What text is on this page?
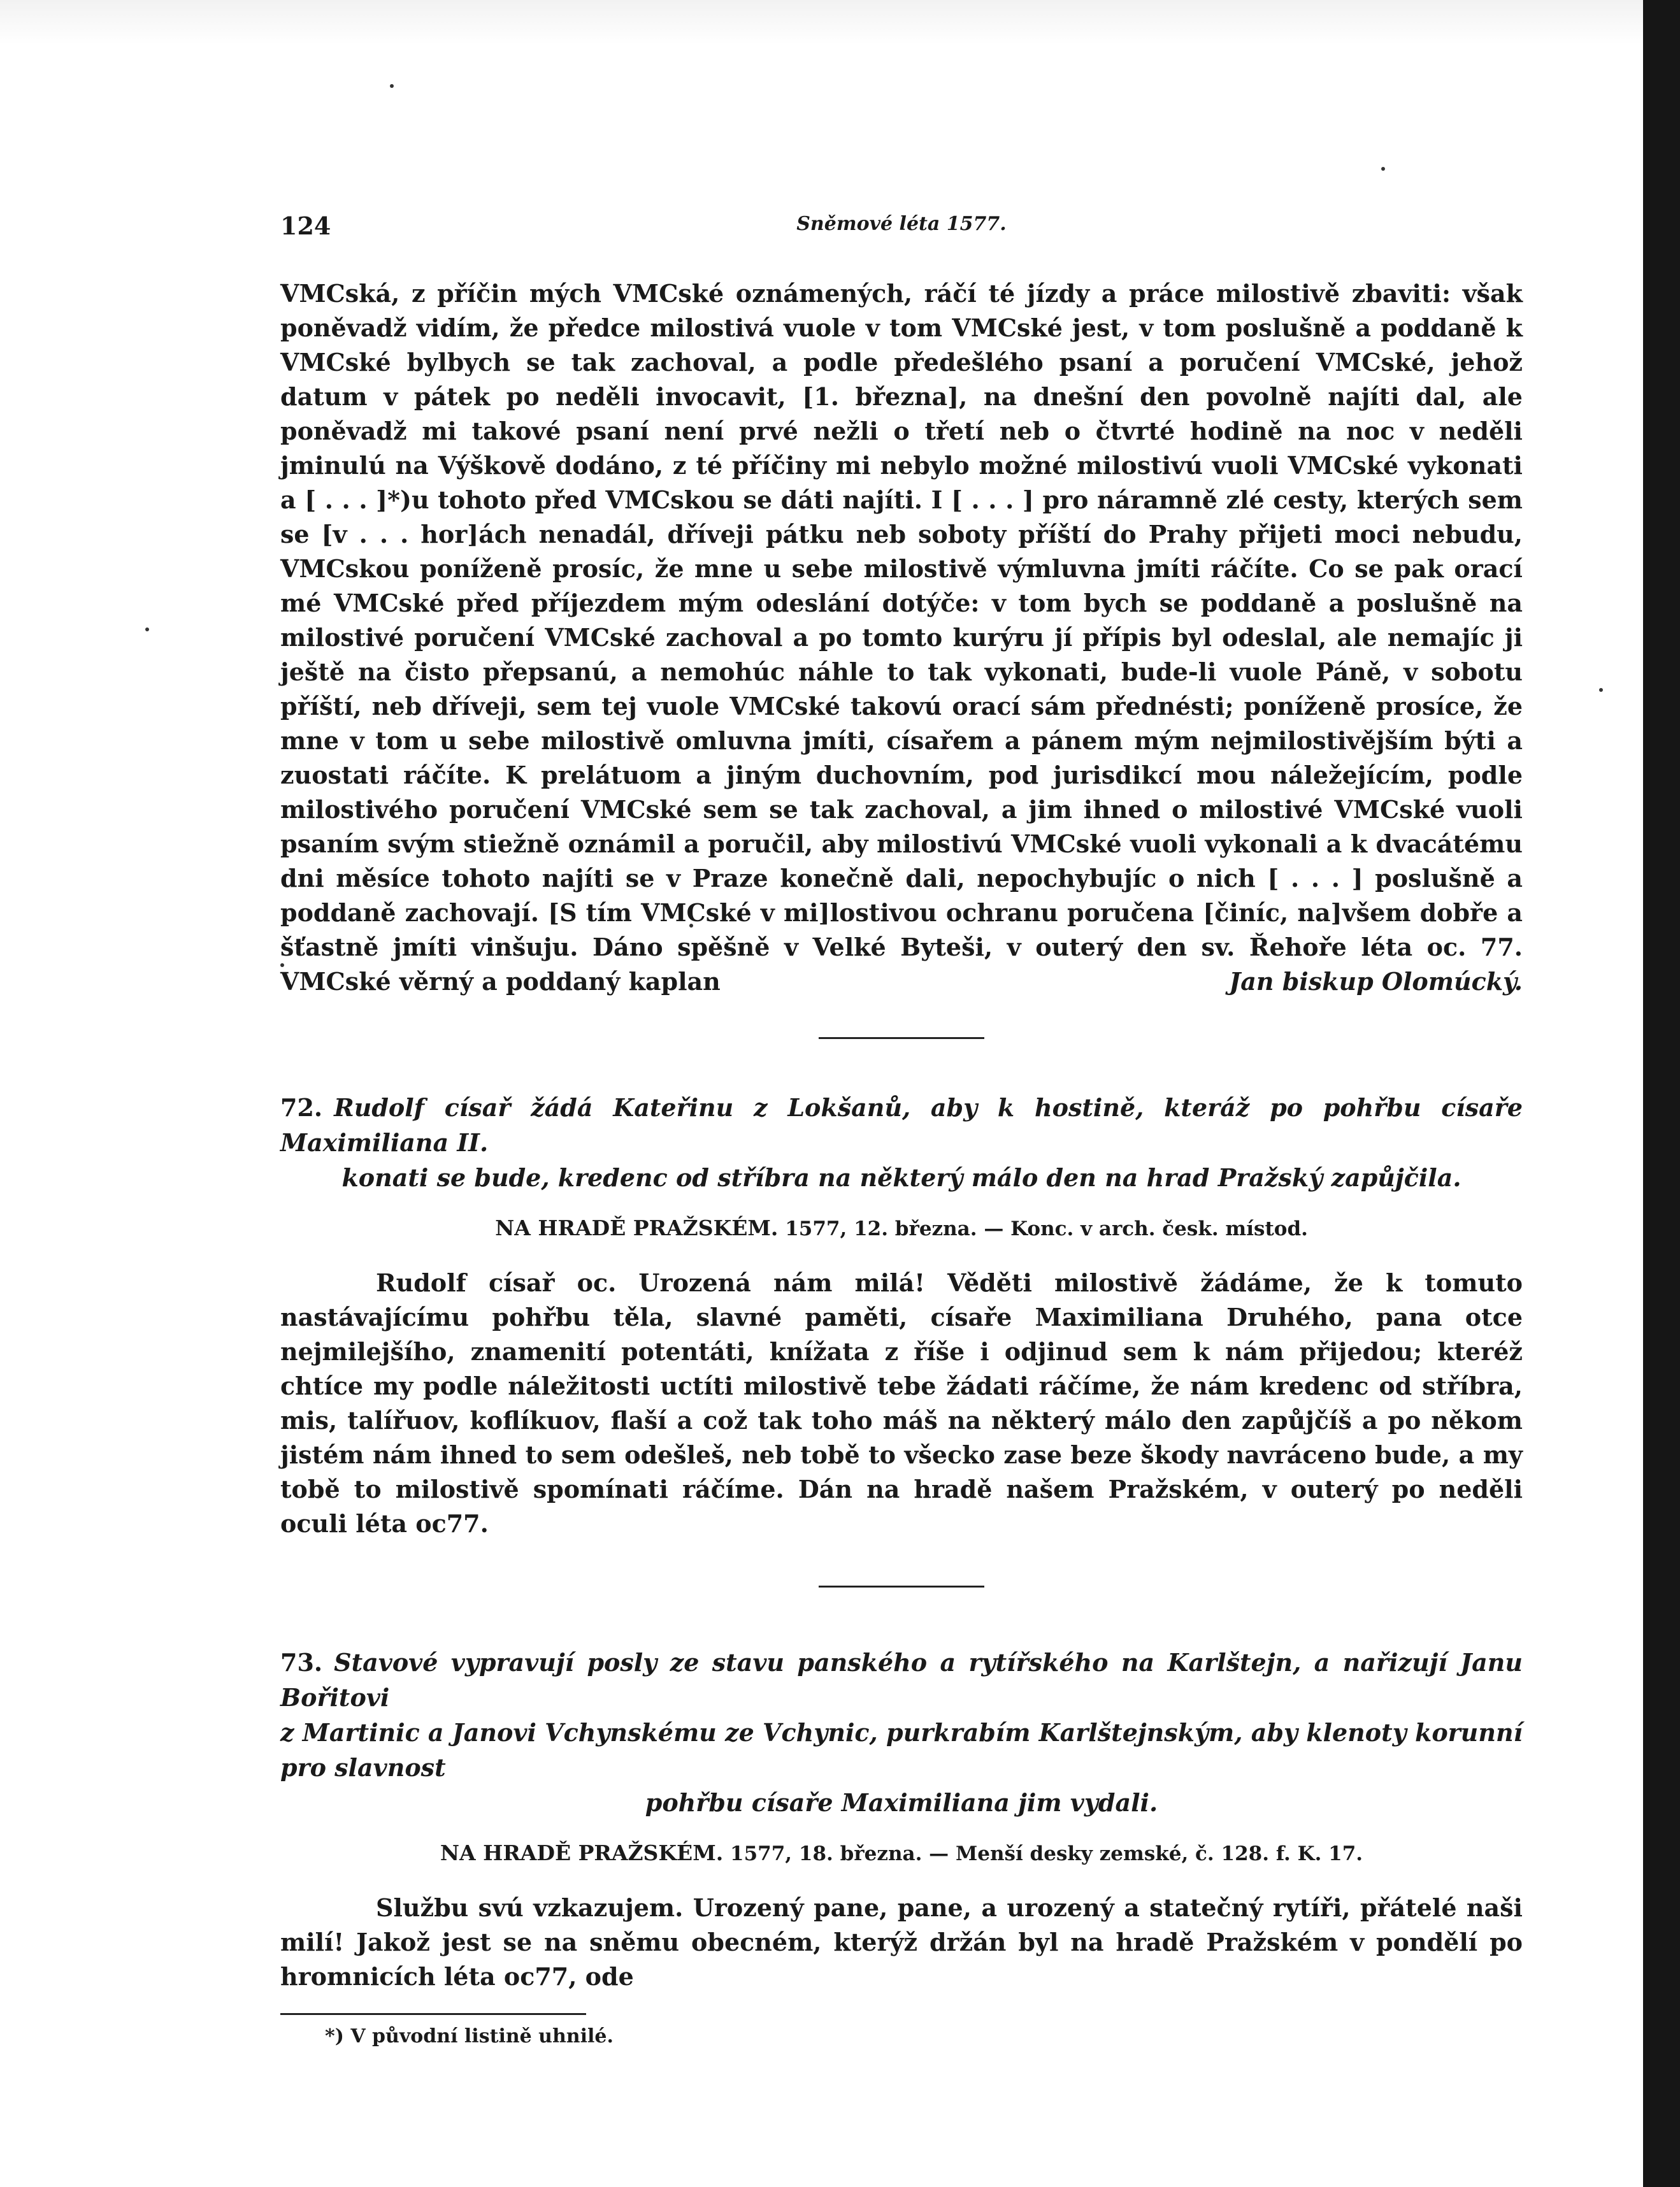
124	Sněmové léta 1577.

VMCská, z příčin mých VMCské oznámených, ráčí té jízdy a práce milostivě zbaviti: však poněvadž vidím, že předce milostivá vuole v tom VMCské jest, v tom poslušně a poddaně k VMCské bylbych se tak zachoval, a podle předešlého psaní a poručení VMCské, jehož datum v pátek po neděli invocavit, [1. března], na dnešní den povolně najíti dal, ale poněvadž mi takové psaní není prvé nežli o třetí neb o čtvrté hodině na noc v neděli jminulú na Výškově dodáno, z té příčiny mi nebylo možné milostivú vuoli VMCské vykonati a [ . . . ]*)u tohoto před VMCskou se dáti najíti. I [ . . . ] pro náramně zlé cesty, kterých sem se [v . . . hor]ách nenadál, dříveji pátku neb soboty příští do Prahy přijeti moci nebudu, VMCskou poníženě prosíc, že mne u sebe milostivě výmluvna jmíti ráčíte. Co se pak orací mé VMCské před příjezdem mým odeslání dotýče: v tom bych se poddaně a poslušně na milostivé poručení VMCské zachoval a po tomto kurýru jí přípis byl odeslal, ale nemajíc ji ještě na čisto přepsanú, a nemohúc náhle to tak vykonati, bude-li vuole Páně, v sobotu příští, neb dříveji, sem tej vuole VMCské takovú orací sám přednésti; poníženě prosíce, že mne v tom u sebe milostivě omluvna jmíti, císařem a pánem mým nejmilostivějším býti a zuostati ráčíte. K prelátuom a jiným duchovním, pod jurisdikcí mou náležejícím, podle milostivého poručení VMCské sem se tak zachoval, a jim ihned o milostivé VMCské vuoli psaním svým stiežně oznámil a poručil, aby milostivú VMCské vuoli vykonali a k dvacátému dni měsíce tohoto najíti se v Praze konečně dali, nepochybujíc o nich [ . . . ] poslušně a poddaně zachovají. [S tím VMCské v mi]lostivou ochranu poručena [činíc, na]všem dobře a šťastně jmíti vinšuju. Dáno spěšně v Velké Byteši, v outerý den sv. Řehoře léta oc. 77. VMCské věrný a poddaný kaplan	Jan biskup Olomúcký.

72. Rudolf císař žádá Kateřinu z Lokšanů, aby k hostině, kteráž po pohřbu císaře Maximiliana II.
konati se bude, kredenc od stříbra na některý málo den na hrad Pražský zapůjčila.
NA HRADĚ PRAŽSKÉM. 1577, 12. března. — Konc. v arch. česk. místod.

Rudolf císař oc. Urozená nám milá! Věděti milostivě žádáme, že k tomuto nastávajícímu pohřbu těla, slavné paměti, císaře Maximiliana Druhého, pana otce nejmilejšího, znamenití potentáti, knížata z říše i odjinud sem k nám přijedou; kteréž chtíce my podle náležitosti uctíti milostivě tebe žádati ráčíme, že nám kredenc od stříbra, mis, talířuov, koflíkuov, flaší a což tak toho máš na některý málo den zapůjčíš a po někom jistém nám ihned to sem odešleš, neb tobě to všecko zase beze škody navráceno bude, a my tobě to milostivě spomínati ráčíme. Dán na hradě našem Pražském, v outerý po neděli oculi léta oc77.

73. Stavové vypravují posly ze stavu panského a rytířského na Karlštejn, a nařizují Janu Bořitovi
z Martinic a Janovi Vchynskému ze Vchynic, purkrabím Karlštejnským, aby klenoty korunní pro slavnost
pohřbu císaře Maximiliana jim vydali.
NA HRADĚ PRAŽSKÉM. 1577, 18. března. — Menší desky zemské, č. 128. f. K. 17.

Službu svú vzkazujem. Urozený pane, pane, a urozený a statečný rytíři, přátelé naši milí! Jakož jest se na sněmu obecném, kterýž držán byl na hradě Pražském v pondělí po hromnicích léta oc77, ode

*) V původní listině uhnilé.
